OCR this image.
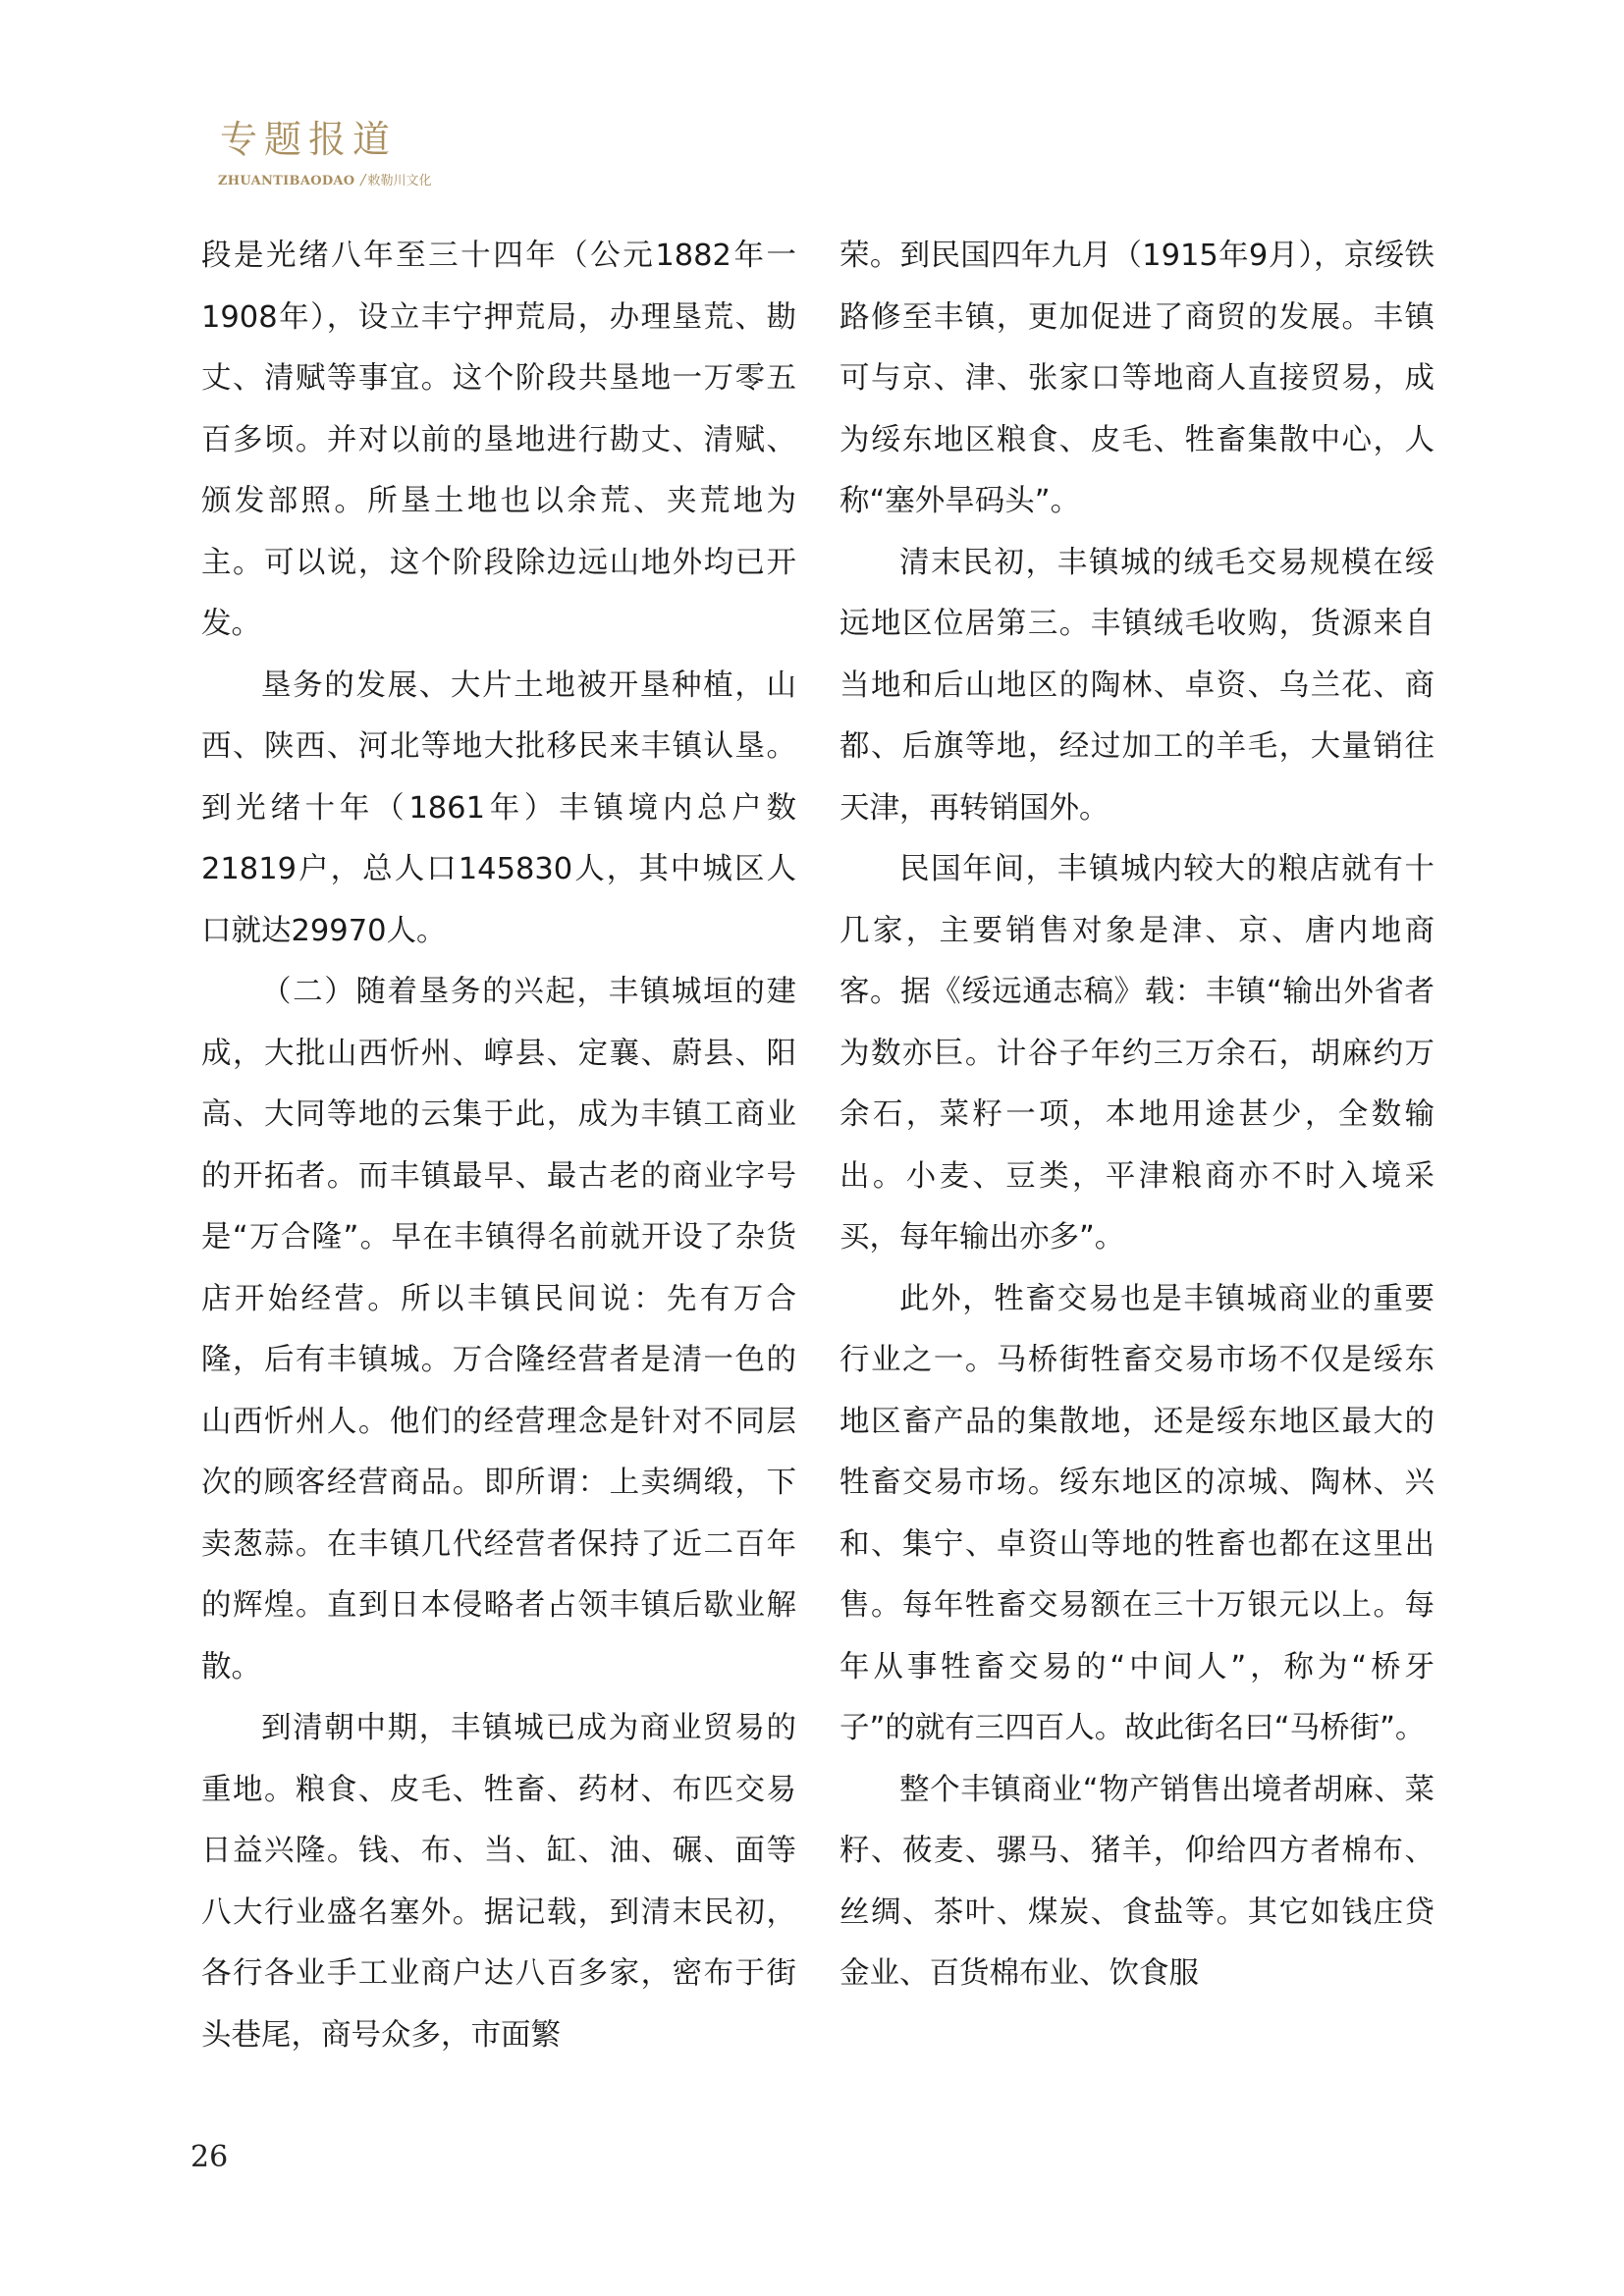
专题报道
ZHUANTIBAODAO / 敕勒川文化

段是光绪八年至三十四年（公元1882年一1908年），设立丰宁押荒局，办理垦荒、勘丈、清赋等事宜。这个阶段共垦地一万零五百多顷。并对以前的垦地进行勘丈、清赋、颁发部照。所垦土地也以余荒、夹荒地为主。可以说，这个阶段除边远山地外均已开发。

垦务的发展、大片土地被开垦种植，山西、陕西、河北等地大批移民来丰镇认垦。到光绪十年（1861年）丰镇境内总户数21819户，总人口145830人，其中城区人口就达29970人。

（二）随着垦务的兴起，丰镇城垣的建成，大批山西忻州、崞县、定襄、蔚县、阳高、大同等地的云集于此，成为丰镇工商业的开拓者。而丰镇最早、最古老的商业字号是“万合隆”。早在丰镇得名前就开设了杂货店开始经营。所以丰镇民间说：先有万合隆，后有丰镇城。万合隆经营者是清一色的山西忻州人。他们的经营理念是针对不同层次的顾客经营商品。即所谓：上卖绸缎，下卖葱蒜。在丰镇几代经营者保持了近二百年的辉煌。直到日本侵略者占领丰镇后歇业解散。

到清朝中期，丰镇城已成为商业贸易的重地。粮食、皮毛、牲畜、药材、布匹交易日益兴隆。钱、布、当、缸、油、碾、面等八大行业盛名塞外。据记载，到清末民初，各行各业手工业商户达八百多家，密布于街头巷尾，商号众多，市面繁

荣。到民国四年九月（1915年9月），京绥铁路修至丰镇，更加促进了商贸的发展。丰镇可与京、津、张家口等地商人直接贸易，成为绥东地区粮食、皮毛、牲畜集散中心，人称“塞外旱码头”。

清末民初，丰镇城的绒毛交易规模在绥远地区位居第三。丰镇绒毛收购，货源来自当地和后山地区的陶林、卓资、乌兰花、商都、后旗等地，经过加工的羊毛，大量销往天津，再转销国外。

民国年间，丰镇城内较大的粮店就有十几家，主要销售对象是津、京、唐内地商客。据《绥远通志稿》载：丰镇“输出外省者为数亦巨。计谷子年约三万余石，胡麻约万余石，菜籽一项，本地用途甚少，全数输出。小麦、豆类，平津粮商亦不时入境采买，每年输出亦多”。

此外，牲畜交易也是丰镇城商业的重要行业之一。马桥街牲畜交易市场不仅是绥东地区畜产品的集散地，还是绥东地区最大的牲畜交易市场。绥东地区的凉城、陶林、兴和、集宁、卓资山等地的牲畜也都在这里出售。每年牲畜交易额在三十万银元以上。每年从事牲畜交易的“中间人”，称为“桥牙子”的就有三四百人。故此街名曰“马桥街”。

整个丰镇商业“物产销售出境者胡麻、菜籽、莜麦、骡马、猪羊，仰给四方者棉布、丝绸、茶叶、煤炭、食盐等。其它如钱庄贷金业、百货棉布业、饮食服

26
